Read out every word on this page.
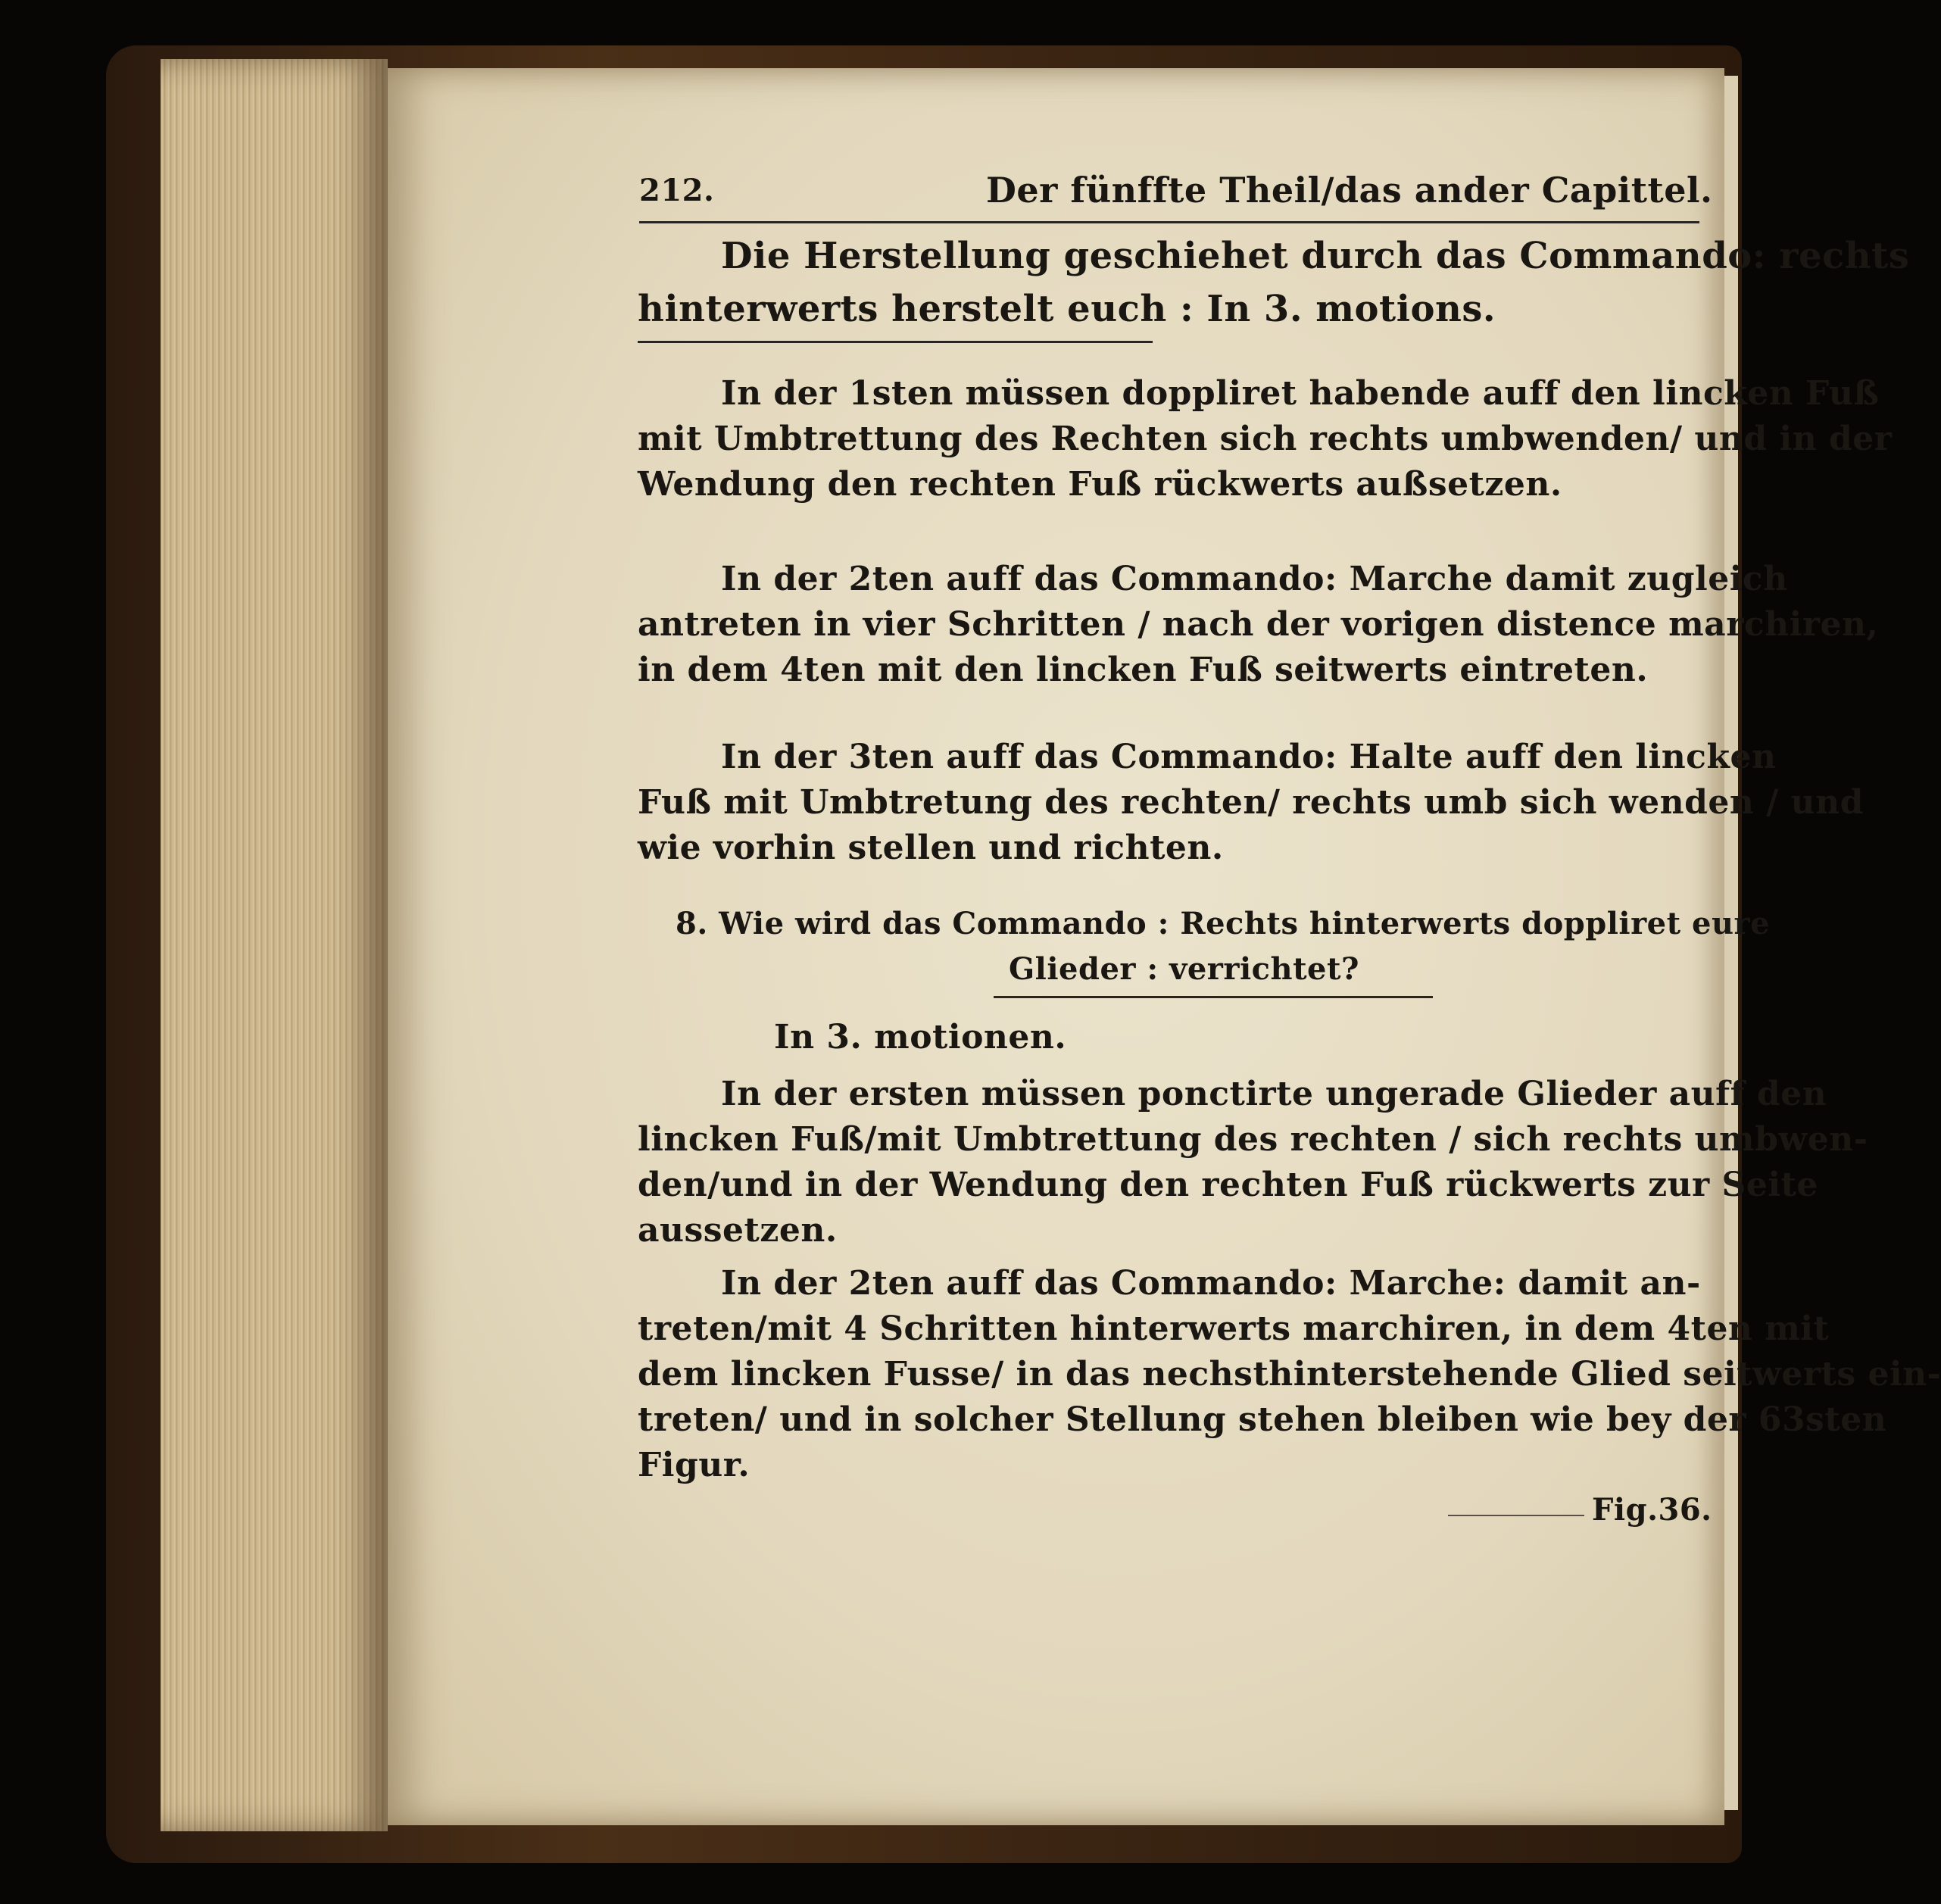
212.	Der fünffte Theil/das ander Capittel.

Die Herstellung geschiehet durch das Commando: rechts

hinterwerts herstelt euch : In 3. motions.

In der 1sten müssen doppliret habende auff den lincken Fuß

mit Umbtrettung des Rechten sich rechts umbwenden/ und in der

Wendung den rechten Fuß rückwerts außsetzen.

In der 2ten auff das Commando: Marche damit zugleich

antreten in vier Schritten / nach der vorigen distence marchiren,

in dem 4ten mit den lincken Fuß seitwerts eintreten.

In der 3ten auff das Commando: Halte auff den lincken

Fuß mit Umbtretung des rechten/ rechts umb sich wenden / und

wie vorhin stellen und richten.

8. Wie wird das Commando : Rechts hinterwerts doppliret eure

Glieder : verrichtet?

In 3. motionen.

In der ersten müssen ponctirte ungerade Glieder auff den

lincken Fuß/mit Umbtrettung des rechten / sich rechts umbwen-

den/und in der Wendung den rechten Fuß rückwerts zur Seite

aussetzen.

In der 2ten auff das Commando: Marche: damit an-

treten/mit 4 Schritten hinterwerts marchiren, in dem 4ten mit

dem lincken Fusse/ in das nechsthinterstehende Glied seitwerts ein-

treten/ und in solcher Stellung stehen bleiben wie bey der 63sten

Figur.

Fig.36.
